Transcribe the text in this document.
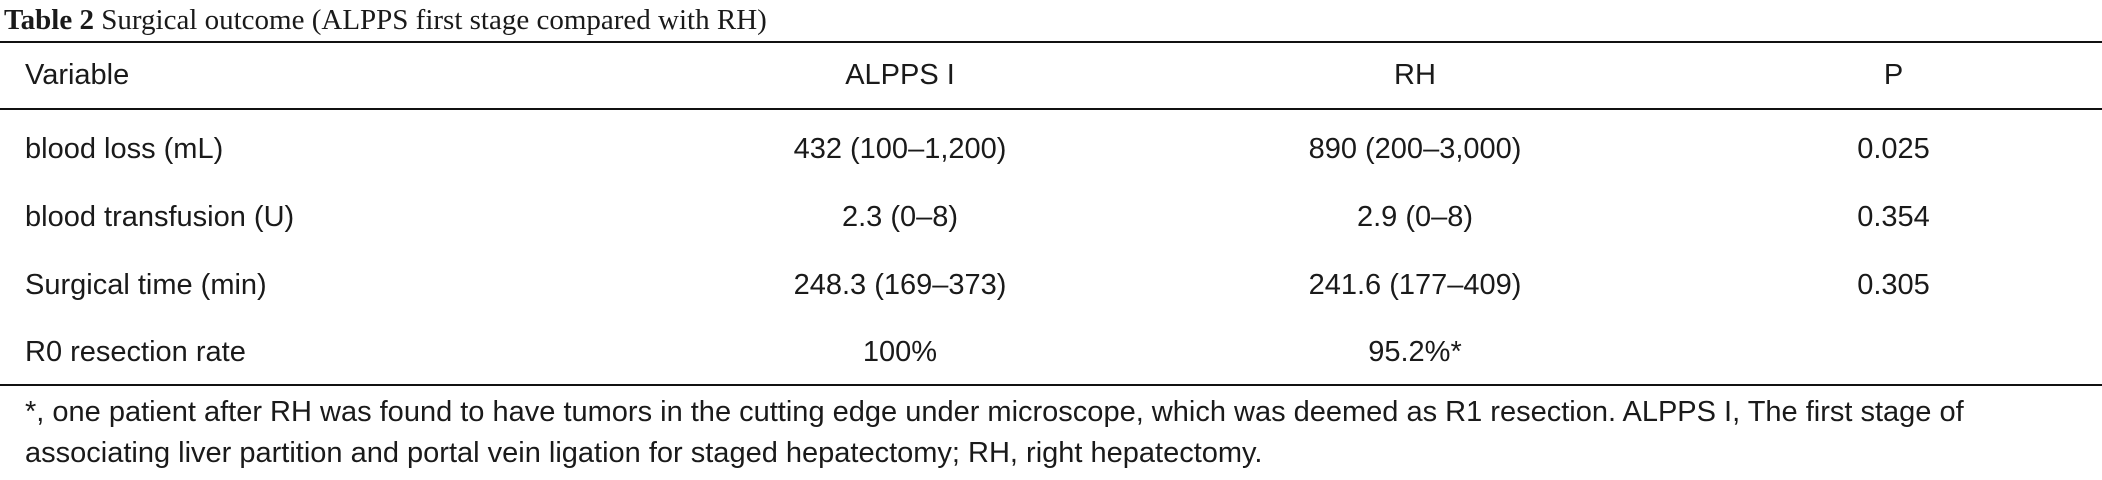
Table 2 Surgical outcome (ALPPS first stage compared with RH)
Variable	ALPPS I	RH	P
blood loss (mL)	432 (100–1,200)	890 (200–3,000)	0.025
blood transfusion (U)	2.3 (0–8)	2.9 (0–8)	0.354
Surgical time (min)	248.3 (169–373)	241.6 (177–409)	0.305
R0 resection rate	100%	95.2%*	
*, one patient after RH was found to have tumors in the cutting edge under microscope, which was deemed as R1 resection. ALPPS I, The first stage of associating liver partition and portal vein ligation for staged hepatectomy; RH, right hepatectomy.
